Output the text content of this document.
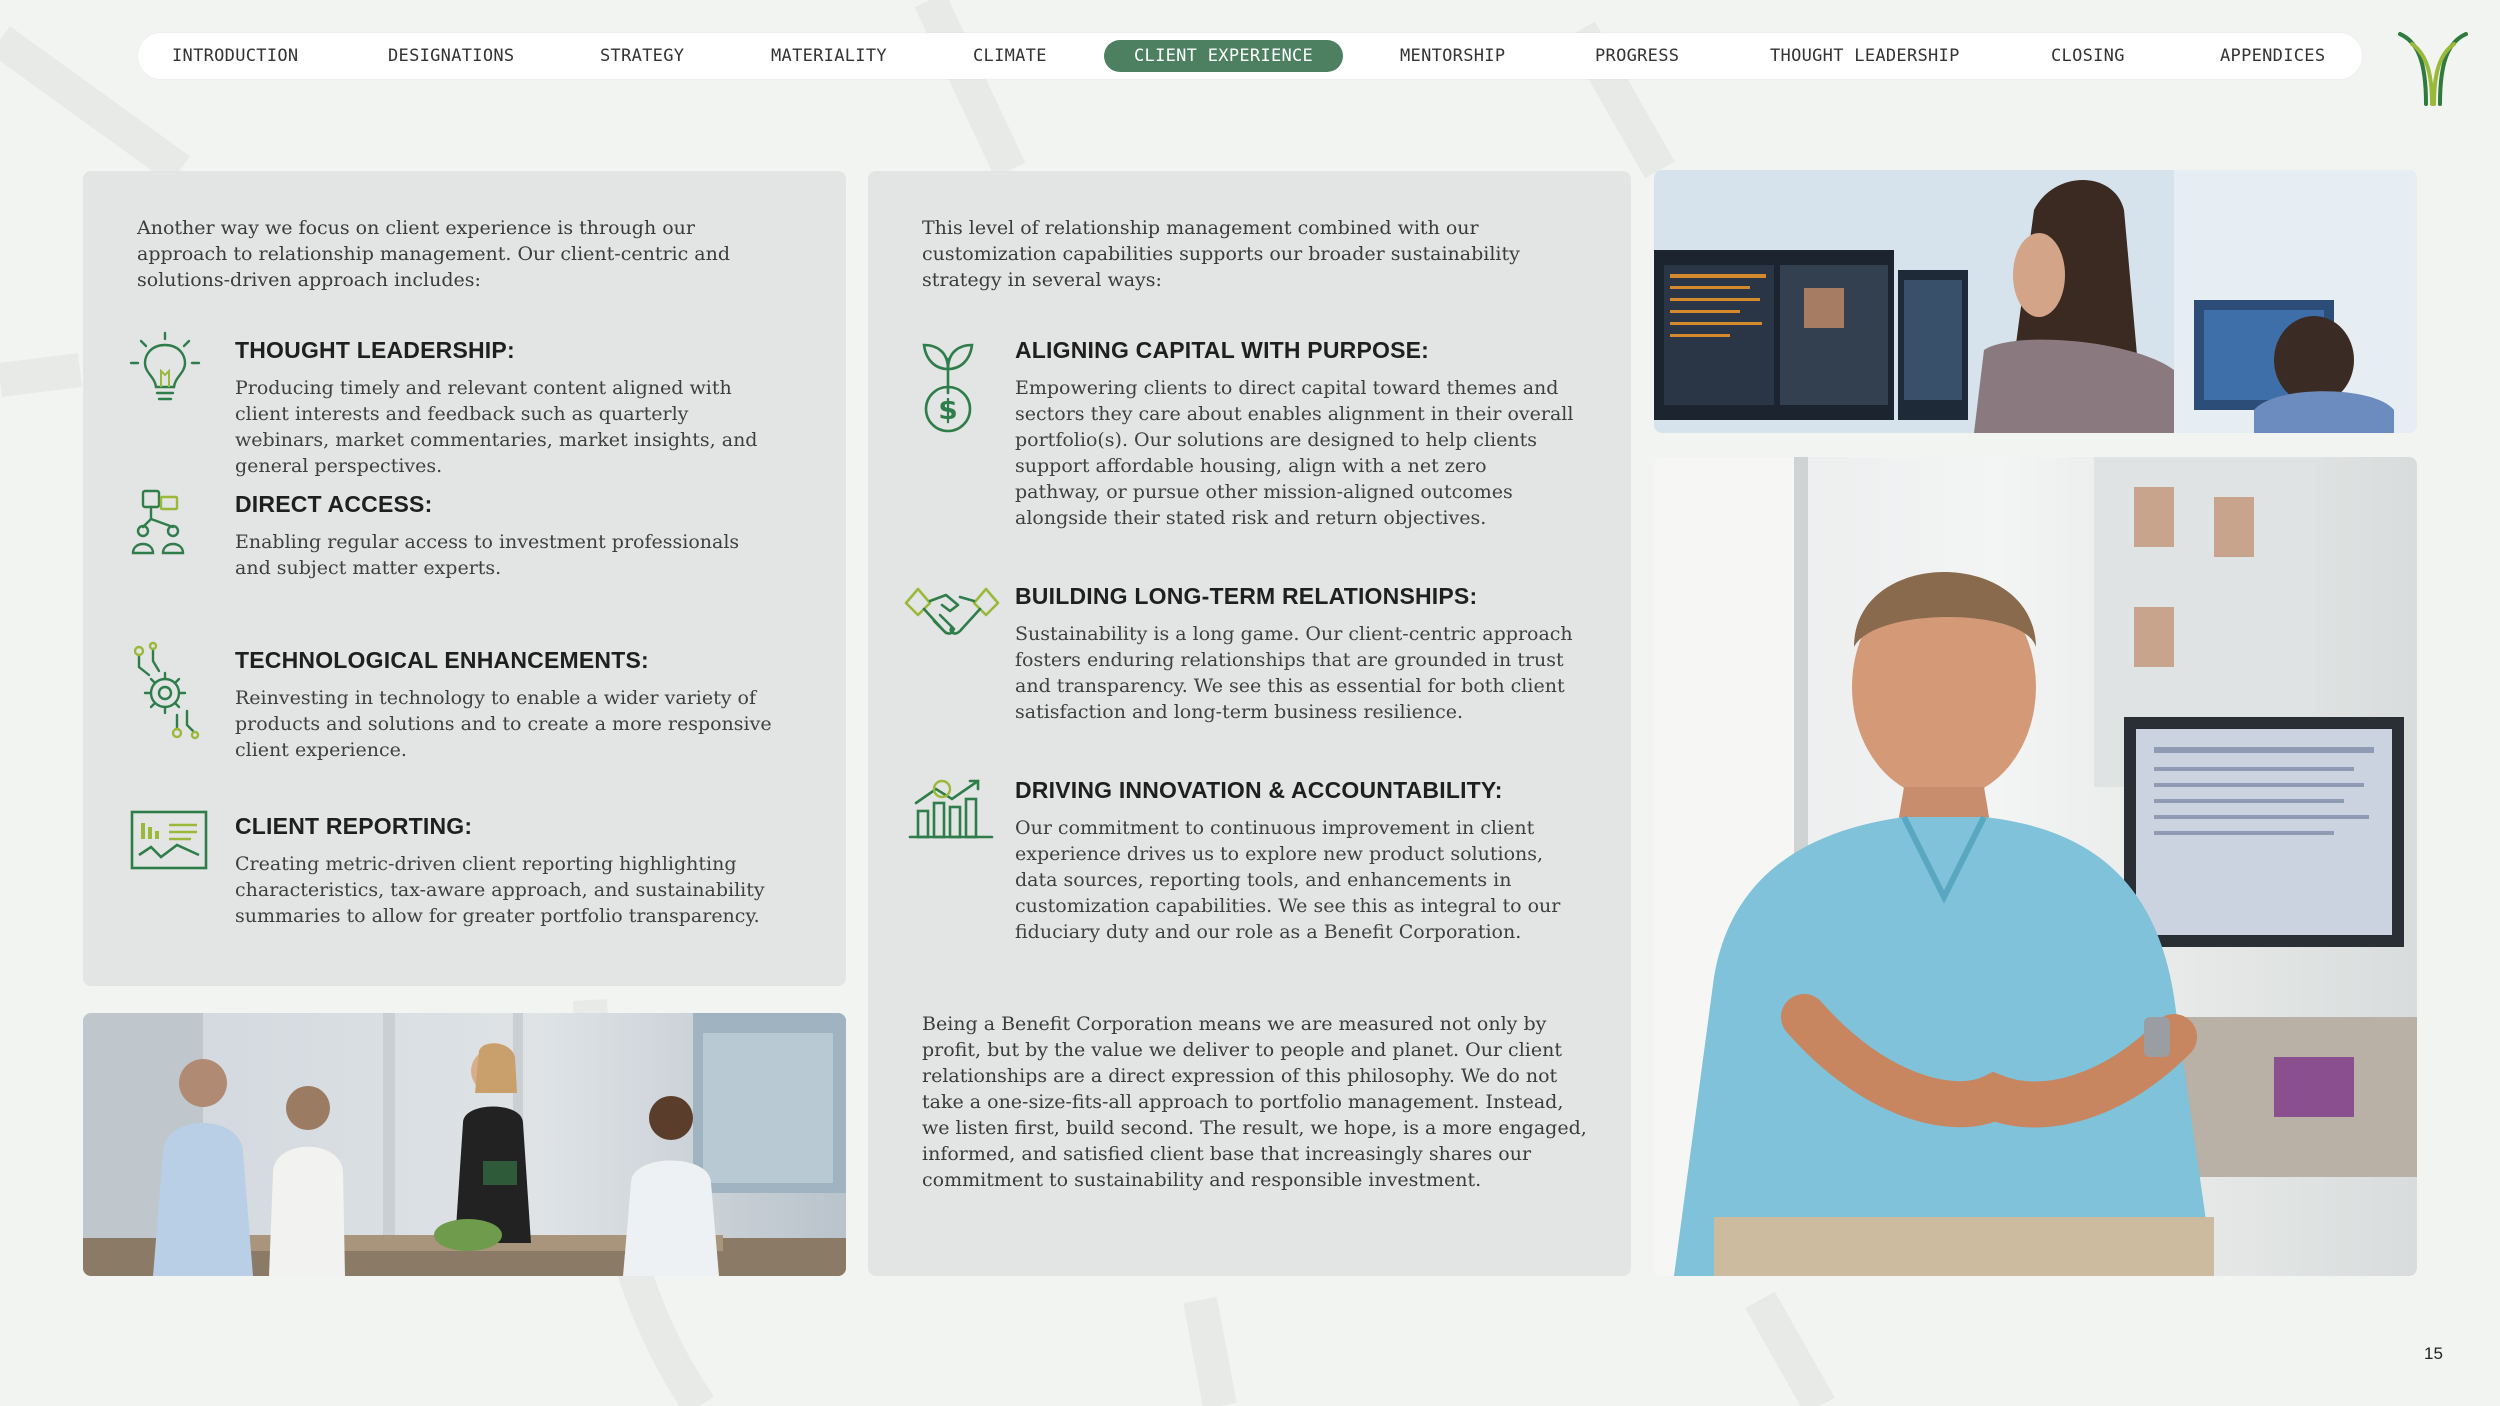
INTRODUCTION	DESIGNATIONS	STRATEGY	MATERIALITY	CLIMATE	CLIENT EXPERIENCE	MENTORSHIP	PROGRESS	THOUGHT LEADERSHIP	CLOSING	APPENDICES
Another way we focus on client experience is through our approach to relationship management. Our client-centric and solutions-driven approach includes:
THOUGHT LEADERSHIP:
Producing timely and relevant content aligned with client interests and feedback such as quarterly webinars, market commentaries, market insights, and general perspectives.
DIRECT ACCESS:
Enabling regular access to investment professionals and subject matter experts.
TECHNOLOGICAL ENHANCEMENTS:
Reinvesting in technology to enable a wider variety of products and solutions and to create a more responsive client experience.
CLIENT REPORTING:
Creating metric-driven client reporting highlighting characteristics, tax-aware approach, and sustainability summaries to allow for greater portfolio transparency.
This level of relationship management combined with our customization capabilities supports our broader sustainability strategy in several ways:
$
ALIGNING CAPITAL WITH PURPOSE:
Empowering clients to direct capital toward themes and sectors they care about enables alignment in their overall portfolio(s). Our solutions are designed to help clients support affordable housing, align with a net zero pathway, or pursue other mission-aligned outcomes alongside their stated risk and return objectives.
BUILDING LONG-TERM RELATIONSHIPS:
Sustainability is a long game. Our client-centric approach fosters enduring relationships that are grounded in trust and transparency. We see this as essential for both client satisfaction and long-term business resilience.
DRIVING INNOVATION & ACCOUNTABILITY:
Our commitment to continuous improvement in client experience drives us to explore new product solutions, data sources, reporting tools, and enhancements in customization capabilities. We see this as integral to our fiduciary duty and our role as a Benefit Corporation.
Being a Benefit Corporation means we are measured not only by profit, but by the value we deliver to people and planet. Our client relationships are a direct expression of this philosophy. We do not take a one-size-fits-all approach to portfolio management. Instead, we listen first, build second. The result, we hope, is a more engaged, informed, and satisfied client base that increasingly shares our commitment to sustainability and responsible investment.
15
